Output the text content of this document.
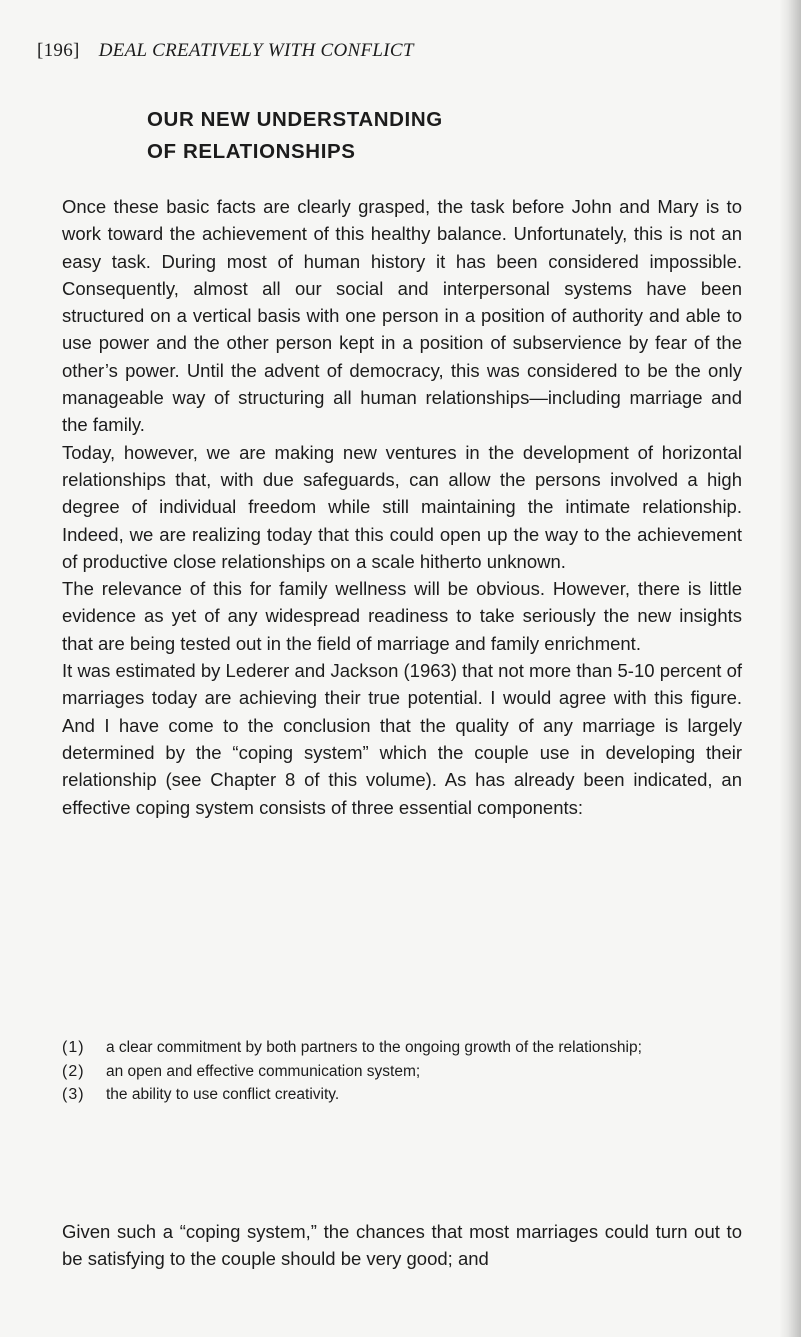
[196] DEAL CREATIVELY WITH CONFLICT
OUR NEW UNDERSTANDING
OF RELATIONSHIPS

Once these basic facts are clearly grasped, the task before John and Mary is to work toward the achievement of this healthy balance. Unfortunately, this is not an easy task. During most of human history it has been considered impossible. Consequently, almost all our social and interpersonal systems have been structured on a vertical basis with one person in a position of authority and able to use power and the other person kept in a position of subservience by fear of the other’s power. Until the advent of democracy, this was considered to be the only manageable way of structuring all human relationships—including marriage and the family.

Today, however, we are making new ventures in the development of horizontal relationships that, with due safeguards, can allow the persons involved a high degree of individual freedom while still maintaining the intimate relationship. Indeed, we are realizing today that this could open up the way to the achievement of productive close relationships on a scale hitherto unknown.

The relevance of this for family wellness will be obvious. However, there is little evidence as yet of any widespread readiness to take seriously the new insights that are being tested out in the field of marriage and family enrichment.

It was estimated by Lederer and Jackson (1963) that not more than 5-10 percent of marriages today are achieving their true potential. I would agree with this figure. And I have come to the conclusion that the quality of any marriage is largely determined by the “coping system” which the couple use in developing their relationship (see Chapter 8 of this volume). As has already been indicated, an effective coping system consists of three essential components:

(1)	a clear commitment by both partners to the ongoing growth of the relationship;
(2)	an open and effective communication system;
(3)	the ability to use conflict creativity.

Given such a “coping system,” the chances that most marriages could turn out to be satisfying to the couple should be very good; and
